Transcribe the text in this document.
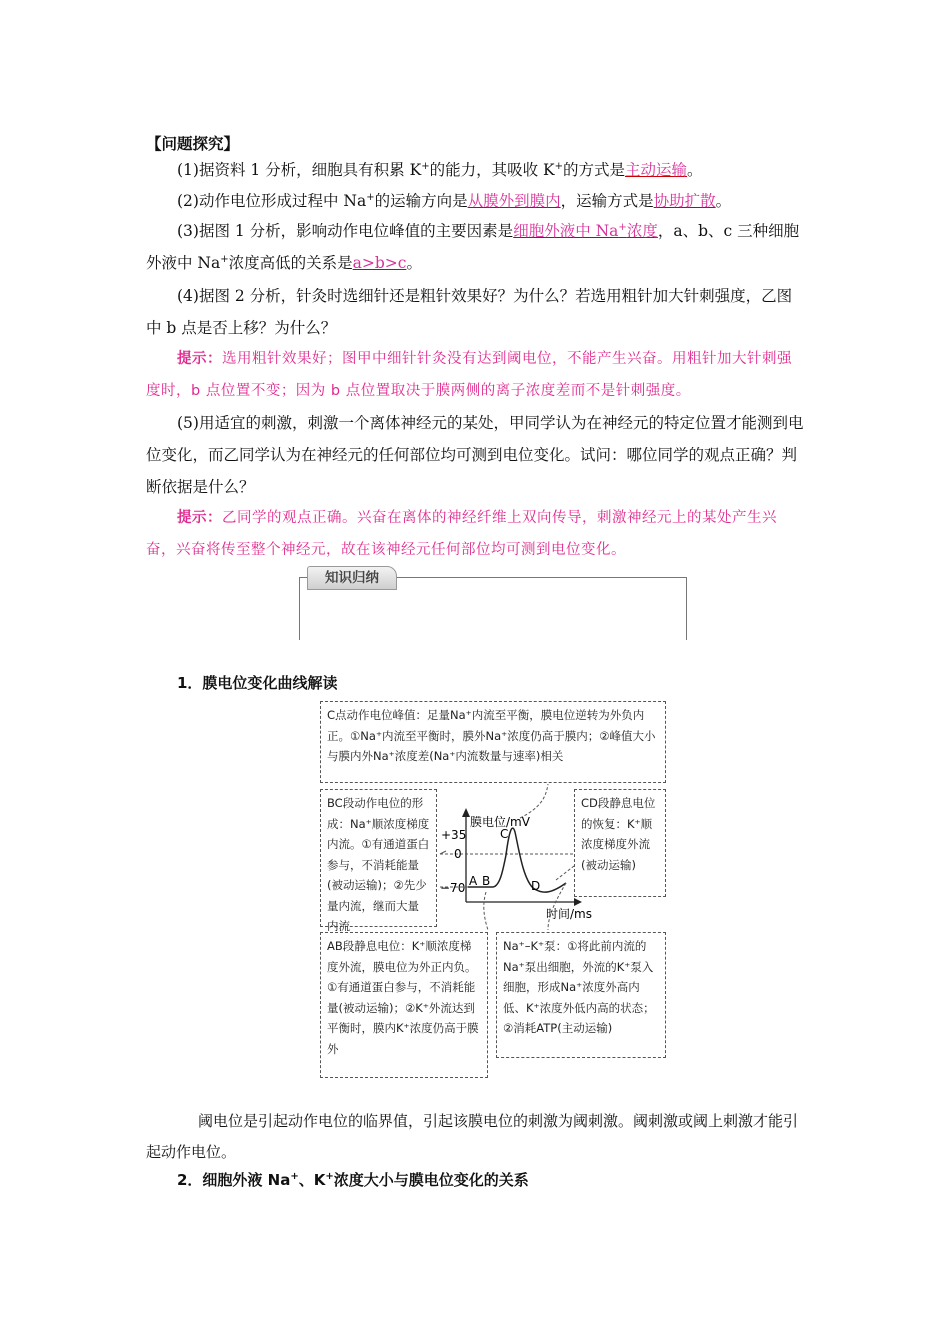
【问题探究】

(1)据资料 1 分析，细胞具有积累 K+的能力，其吸收 K+的方式是主动运输。

(2)动作电位形成过程中 Na+的运输方向是从膜外到膜内，运输方式是协助扩散。

(3)据图 1 分析，影响动作电位峰值的主要因素是细胞外液中 Na+浓度，a、b、c 三种细胞外液中 Na+浓度高低的关系是a>b>c。

(4)据图 2 分析，针灸时选细针还是粗针效果好？为什么？若选用粗针加大针刺强度，乙图中 b 点是否上移？为什么？

提示：选用粗针效果好；图甲中细针针灸没有达到阈电位，不能产生兴奋。用粗针加大针刺强度时，b 点位置不变；因为 b 点位置取决于膜两侧的离子浓度差而不是针刺强度。

(5)用适宜的刺激，刺激一个离体神经元的某处，甲同学认为在神经元的特定位置才能测到电位变化，而乙同学认为在神经元的任何部位均可测到电位变化。试问：哪位同学的观点正确？判断依据是什么？

提示：乙同学的观点正确。兴奋在离体的神经纤维上双向传导，刺激神经元上的某处产生兴奋，兴奋将传至整个神经元，故在该神经元任何部位均可测到电位变化。

知识归纳
1．膜电位变化曲线解读
C点动作电位峰值：足量Na⁺内流至平衡，膜电位逆转为外负内正。①Na⁺内流至平衡时，膜外Na⁺浓度仍高于膜内；②峰值大小与膜内外Na⁺浓度差(Na⁺内流数量与速率)相关
BC段动作电位的形成：Na⁺顺浓度梯度内流。①有通道蛋白参与，不消耗能量(被动运输)；②先少量内流，继而大量内流
CD段静息电位的恢复：K⁺顺浓度梯度外流(被动运输)
AB段静息电位：K⁺顺浓度梯度外流，膜电位为外正内负。①有通道蛋白参与，不消耗能量(被动运输)；②K⁺外流达到平衡时，膜内K⁺浓度仍高于膜外
Na⁺–K⁺泵：①将此前内流的Na⁺泵出细胞，外流的K⁺泵入细胞，形成Na⁺浓度外高内低、K⁺浓度外低内高的状态；②消耗ATP(主动运输)
膜电位/mV
时间/ms
+35
0
−70 A B
C
D

阈电位是引起动作电位的临界值，引起该膜电位的刺激为阈刺激。阈刺激或阈上刺激才能引起动作电位。

2．细胞外液 Na+、K+浓度大小与膜电位变化的关系
